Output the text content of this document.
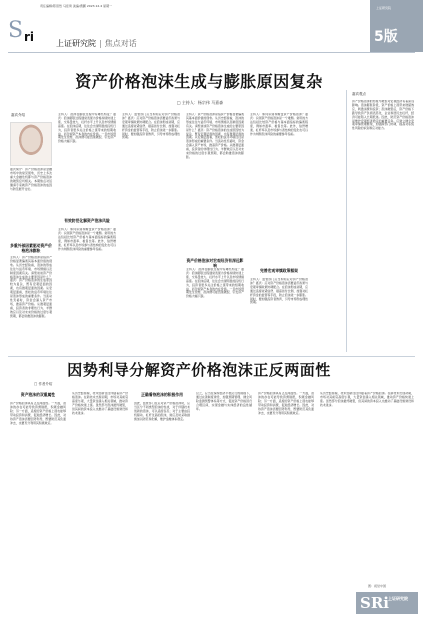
责任编辑/陈思然 马佳琦 美编/费鹏 2023.12.4 星期一
S ri	上证研究院 | 焦点对话
上证研究院
5版
资产价格泡沫生成与膨胀原因复杂
□ 主持人：杨宗伟 马嘉森
嘉宾介绍
嘉宾简介：资产价格泡沫是金融市场中的常见现象，历史上多次重大金融危机都与资产价格泡沫的破裂密切相关。本期焦点对话邀请专家就资产价格泡沫的成因与防范展开讨论。
多重外部因素驱动资产价格泡沫膨胀
主持人：资产价格泡沫是指资产价格显著偏离其基本面价值的现象。从历史经验看，泡沫的形成往往与货币环境、市场情绪以及制度因素有关。请您谈谈资产价格泡沫生成的主要原因是什么？嘉宾：资产价格泡沫的生成原因较为复杂，既有宏观层面的因素，也有微观层面的因素。从宏观层面看，宽松的货币环境往往是泡沫形成的重要条件。当流动性充裕时，资金会涌入资产市场，推高资产价格。从微观层面看，投资者的非理性行为、羊群效应以及对未来价格的过度乐观预期，都会助推泡沫的膨胀。
主持人：泡沫在膨胀过程中有哪些特征？嘉宾：泡沫膨胀过程通常表现为价格持续快速上涨、交易量放大、杠杆水平上升以及市场情绪高涨。在泡沫后期，往往会出现明显的投机行为，投资者更多关注价格上涨带来的短期收益，而忽视资产本身的内在价值。一旦市场预期发生逆转，泡沫便可能迅速破裂，引发资产价格大幅下跌。
有效防范化解资产泡沫风险
主持人：如何识别和衡量资产价格泡沫？嘉宾：识别资产价格泡沫是一个难题。常用的方法包括比较资产价格与基本面指标的偏离程度，例如市盈率、租售比等。此外，信贷增速、杠杆率以及市场参与者结构的变化也可以作为判断泡沫风险的重要参考指标。
主持人：监管部门应当如何应对资产价格泡沫？嘉宾：应对资产价格泡沫需要货币政策与宏观审慎政策协调配合。在泡沫形成初期，应通过适度收紧信贷、提高首付比例、加强对杠杆资金的监管等手段，防止泡沫进一步膨胀。同时，要加强投资者教育，引导市场形成理性预期。
主持人：资产价格泡沫是指资产价格显著偏离其基本面价值的现象。从历史经验看，泡沫的形成往往与货币环境、市场情绪以及制度因素有关。请您谈谈资产价格泡沫生成的主要原因是什么？嘉宾：资产价格泡沫的生成原因较为复杂，既有宏观层面的因素，也有微观层面的因素。从宏观层面看，宽松的货币环境往往是泡沫形成的重要条件。当流动性充裕时，资金会涌入资产市场，推高资产价格。从微观层面看，投资者的非理性行为、羊群效应以及对未来价格的过度乐观预期，都会助推泡沫的膨胀。
资产价格泡沫对宏观经济有深远影响
主持人：泡沫在膨胀过程中有哪些特征？嘉宾：泡沫膨胀过程通常表现为价格持续快速上涨、交易量放大、杠杆水平上升以及市场情绪高涨。在泡沫后期，往往会出现明显的投机行为，投资者更多关注价格上涨带来的短期收益，而忽视资产本身的内在价值。一旦市场预期发生逆转，泡沫便可能迅速破裂，引发资产价格大幅下跌。
主持人：如何识别和衡量资产价格泡沫？嘉宾：识别资产价格泡沫是一个难题。常用的方法包括比较资产价格与基本面指标的偏离程度，例如市盈率、租售比等。此外，信贷增速、杠杆率以及市场参与者结构的变化也可以作为判断泡沫风险的重要参考指标。
完善宏观审慎政策框架
主持人：监管部门应当如何应对资产价格泡沫？嘉宾：应对资产价格泡沫需要货币政策与宏观审慎政策协调配合。在泡沫形成初期，应通过适度收紧信贷、提高首付比例、加强对杠杆资金的监管等手段，防止泡沫进一步膨胀。同时，要加强投资者教育，引导市场形成理性预期。
嘉宾观点
资产价格泡沫的形成与破裂对宏观经济有着深远影响。泡沫膨胀阶段，资产价格上涨带来财富效应，刺激消费和投资；泡沫破裂后，资产价格下跌导致资产负债表恶化，企业和居民去杠杆，经济可能陷入长期低迷。因此，防范资产价格泡沫是维护宏观经济稳定的重要任务。应建立健全宏观审慎管理框架，加强跨部门协调，提高对系统性风险的识别和应对能力。
因势利导分解资产价格泡沫正反两面性
□ 作者介绍
资产泡沫的双重属性
资产价格泡沫具有正反两面性。一方面，泡沫的存在可能导致资源错配，积累金融风险；另一方面，适度的资产价格上涨也能够带动投资和消费，促进经济增长。因此，对待资产泡沫需要因势利导，既要防范其负面冲击，也要充分利用其积极效应。
从历史经验看，技术创新往往伴随着资产价格泡沫。在新技术出现初期，市场对其前景高度乐观，大量资金涌入相关领域，推动资产价格快速上涨。虽然部分泡沫最终破裂，但其间的资本投入也推动了基础设施建设和技术进步。
正确看待泡沫的积极作用
因此，监管部门在应对资产价格泡沫时，应当区分不同类型泡沫的性质，对于伴随技术创新的泡沫，可以适度容忍；对于主要由投机驱动、杠杆过高的泡沫，则应及时采取措施加以防范和化解，维护金融体系稳定。
总之，应当在保持经济平稳运行的前提下，通过完善制度建设、加强预期管理、健全风险监测预警体系等方式，促进资产价格回归合理区间，实现金融与实体经济的良性循环。
资产价格泡沫具有正反两面性。一方面，泡沫的存在可能导致资源错配，积累金融风险；另一方面，适度的资产价格上涨也能够带动投资和消费，促进经济增长。因此，对待资产泡沫需要因势利导，既要防范其负面冲击，也要充分利用其积极效应。
从历史经验看，技术创新往往伴随着资产价格泡沫。在新技术出现初期，市场对其前景高度乐观，大量资金涌入相关领域，推动资产价格快速上涨。虽然部分泡沫最终破裂，但其间的资本投入也推动了基础设施建设和技术进步。
图：视觉中国
SRi 上证研究院
